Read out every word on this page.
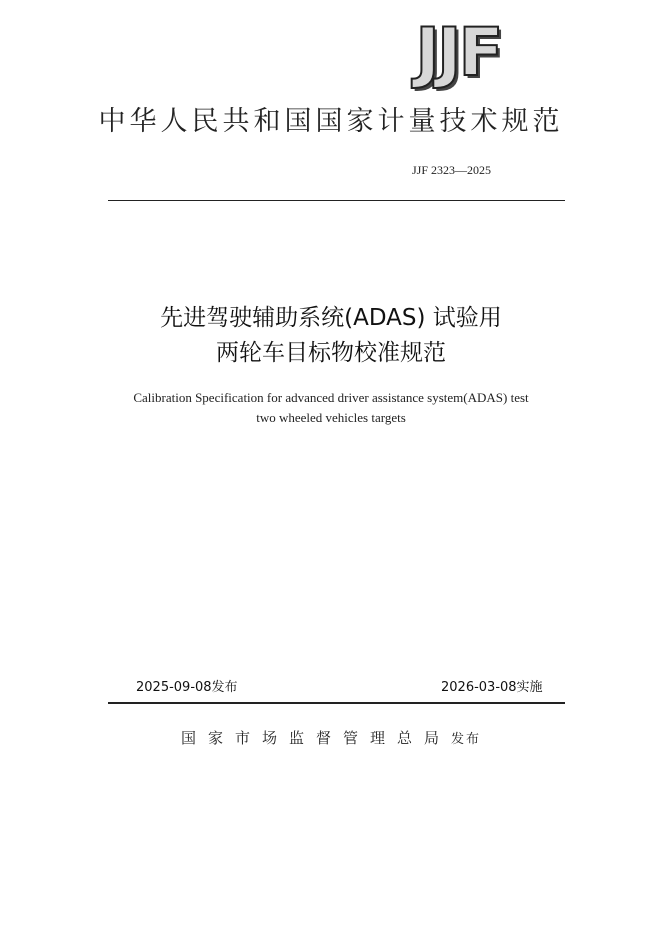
JJF
中华人民共和国国家计量技术规范
JJF 2323—2025
先进驾驶辅助系统(ADAS) 试验用
两轮车目标物校准规范
Calibration Specification for advanced driver assistance system(ADAS) test
two wheeled vehicles targets
2025-09-08发布	2026-03-08实施
国家市场监督管理总局发布
